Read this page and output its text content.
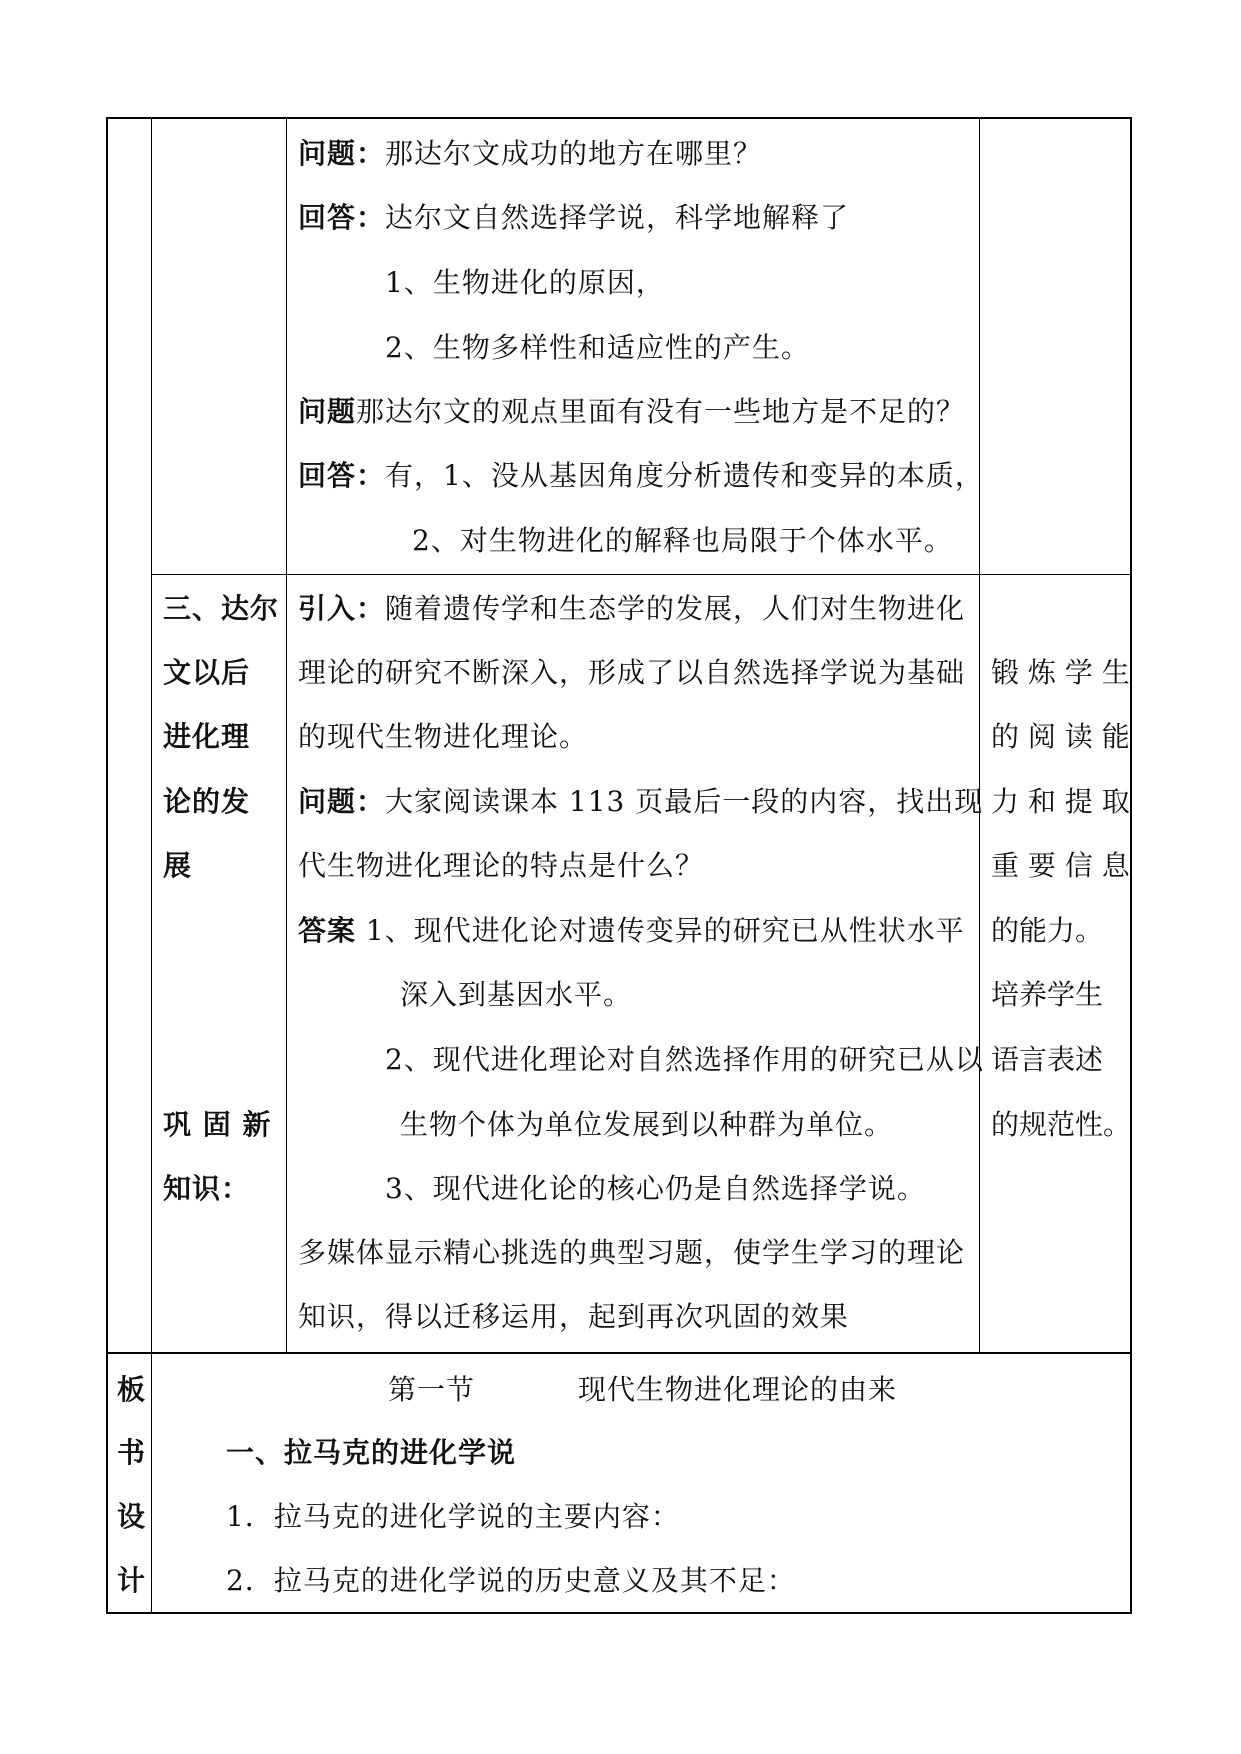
问题：那达尔文成功的地方在哪里？
回答：达尔文自然选择学说，科学地解释了
1、生物进化的原因，
2、生物多样性和适应性的产生。
问题那达尔文的观点里面有没有一些地方是不足的？
回答：有，1、没从基因角度分析遗传和变异的本质，
2、对生物进化的解释也局限于个体水平。
三、达尔
文以后
进化理
论的发
展
巩 固 新
知识：
引入：随着遗传学和生态学的发展，人们对生物进化
理论的研究不断深入，形成了以自然选择学说为基础
的现代生物进化理论。
问题：大家阅读课本 113 页最后一段的内容，找出现
代生物进化理论的特点是什么？
答案 1、现代进化论对遗传变异的研究已从性状水平
深入到基因水平。
2、现代进化理论对自然选择作用的研究已从以
生物个体为单位发展到以种群为单位。
3、现代进化论的核心仍是自然选择学说。
多媒体显示精心挑选的典型习题，使学生学习的理论
知识，得以迁移运用，起到再次巩固的效果
锻 炼 学 生
的 阅 读 能
力 和 提 取
重 要 信 息
的能力。
培养学生
语言表述
的规范性。
板
书
设
计
第一节	现代生物进化理论的由来
一、拉马克的进化学说
1．拉马克的进化学说的主要内容：
2．拉马克的进化学说的历史意义及其不足：
